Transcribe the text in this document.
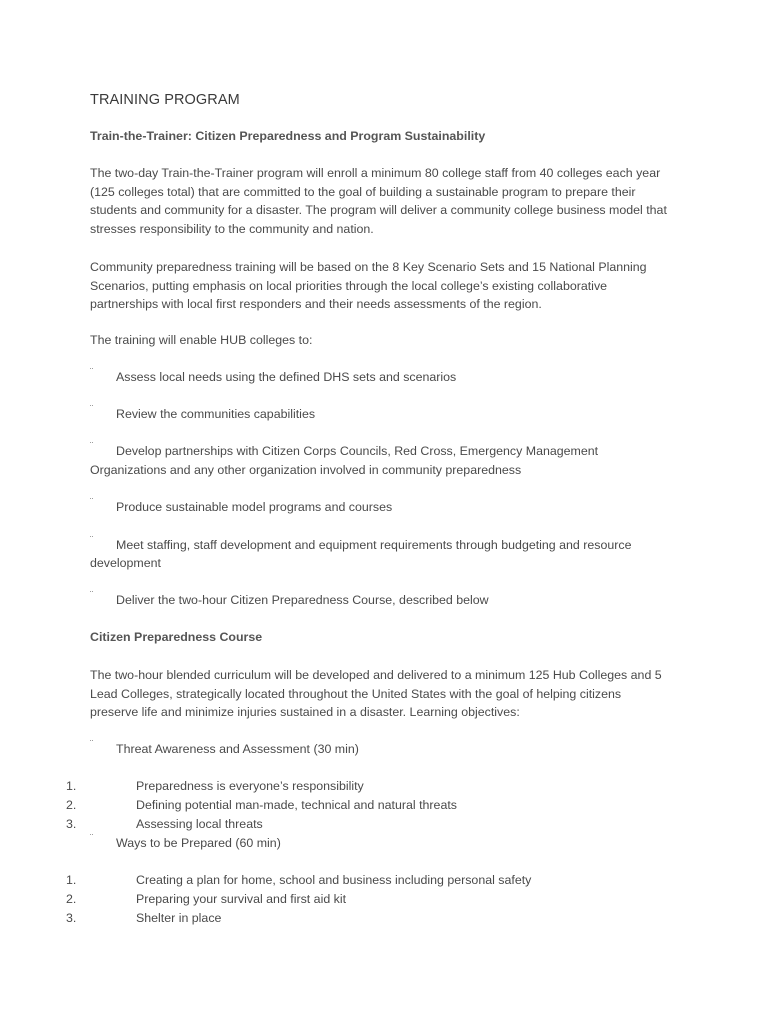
TRAINING PROGRAM
Train-the-Trainer: Citizen Preparedness and Program Sustainability
The two-day Train-the-Trainer program will enroll a minimum 80 college staff from 40 colleges each year
(125 colleges total) that are committed to the goal of building a sustainable program to prepare their
students and community for a disaster. The program will deliver a community college business model that
stresses responsibility to the community and nation.
Community preparedness training will be based on the 8 Key Scenario Sets and 15 National Planning
Scenarios, putting emphasis on local priorities through the local college’s existing collaborative
partnerships with local first responders and their needs assessments of the region.
The training will enable HUB colleges to:
¨ Assess local needs using the defined DHS sets and scenarios
¨ Review the communities capabilities
¨ Develop partnerships with Citizen Corps Councils, Red Cross, Emergency Management
Organizations and any other organization involved in community preparedness
¨ Produce sustainable model programs and courses
¨ Meet staffing, staff development and equipment requirements through budgeting and resource
development
¨ Deliver the two-hour Citizen Preparedness Course, described below
Citizen Preparedness Course
The two-hour blended curriculum will be developed and delivered to a minimum 125 Hub Colleges and 5
Lead Colleges, strategically located throughout the United States with the goal of helping citizens
preserve life and minimize injuries sustained in a disaster. Learning objectives:
¨ Threat Awareness and Assessment (30 min)
1.	Preparedness is everyone’s responsibility
2.	Defining potential man-made, technical and natural threats
3.	Assessing local threats
¨ Ways to be Prepared (60 min)
1.	Creating a plan for home, school and business including personal safety
2.	Preparing your survival and first aid kit
3.	Shelter in place
